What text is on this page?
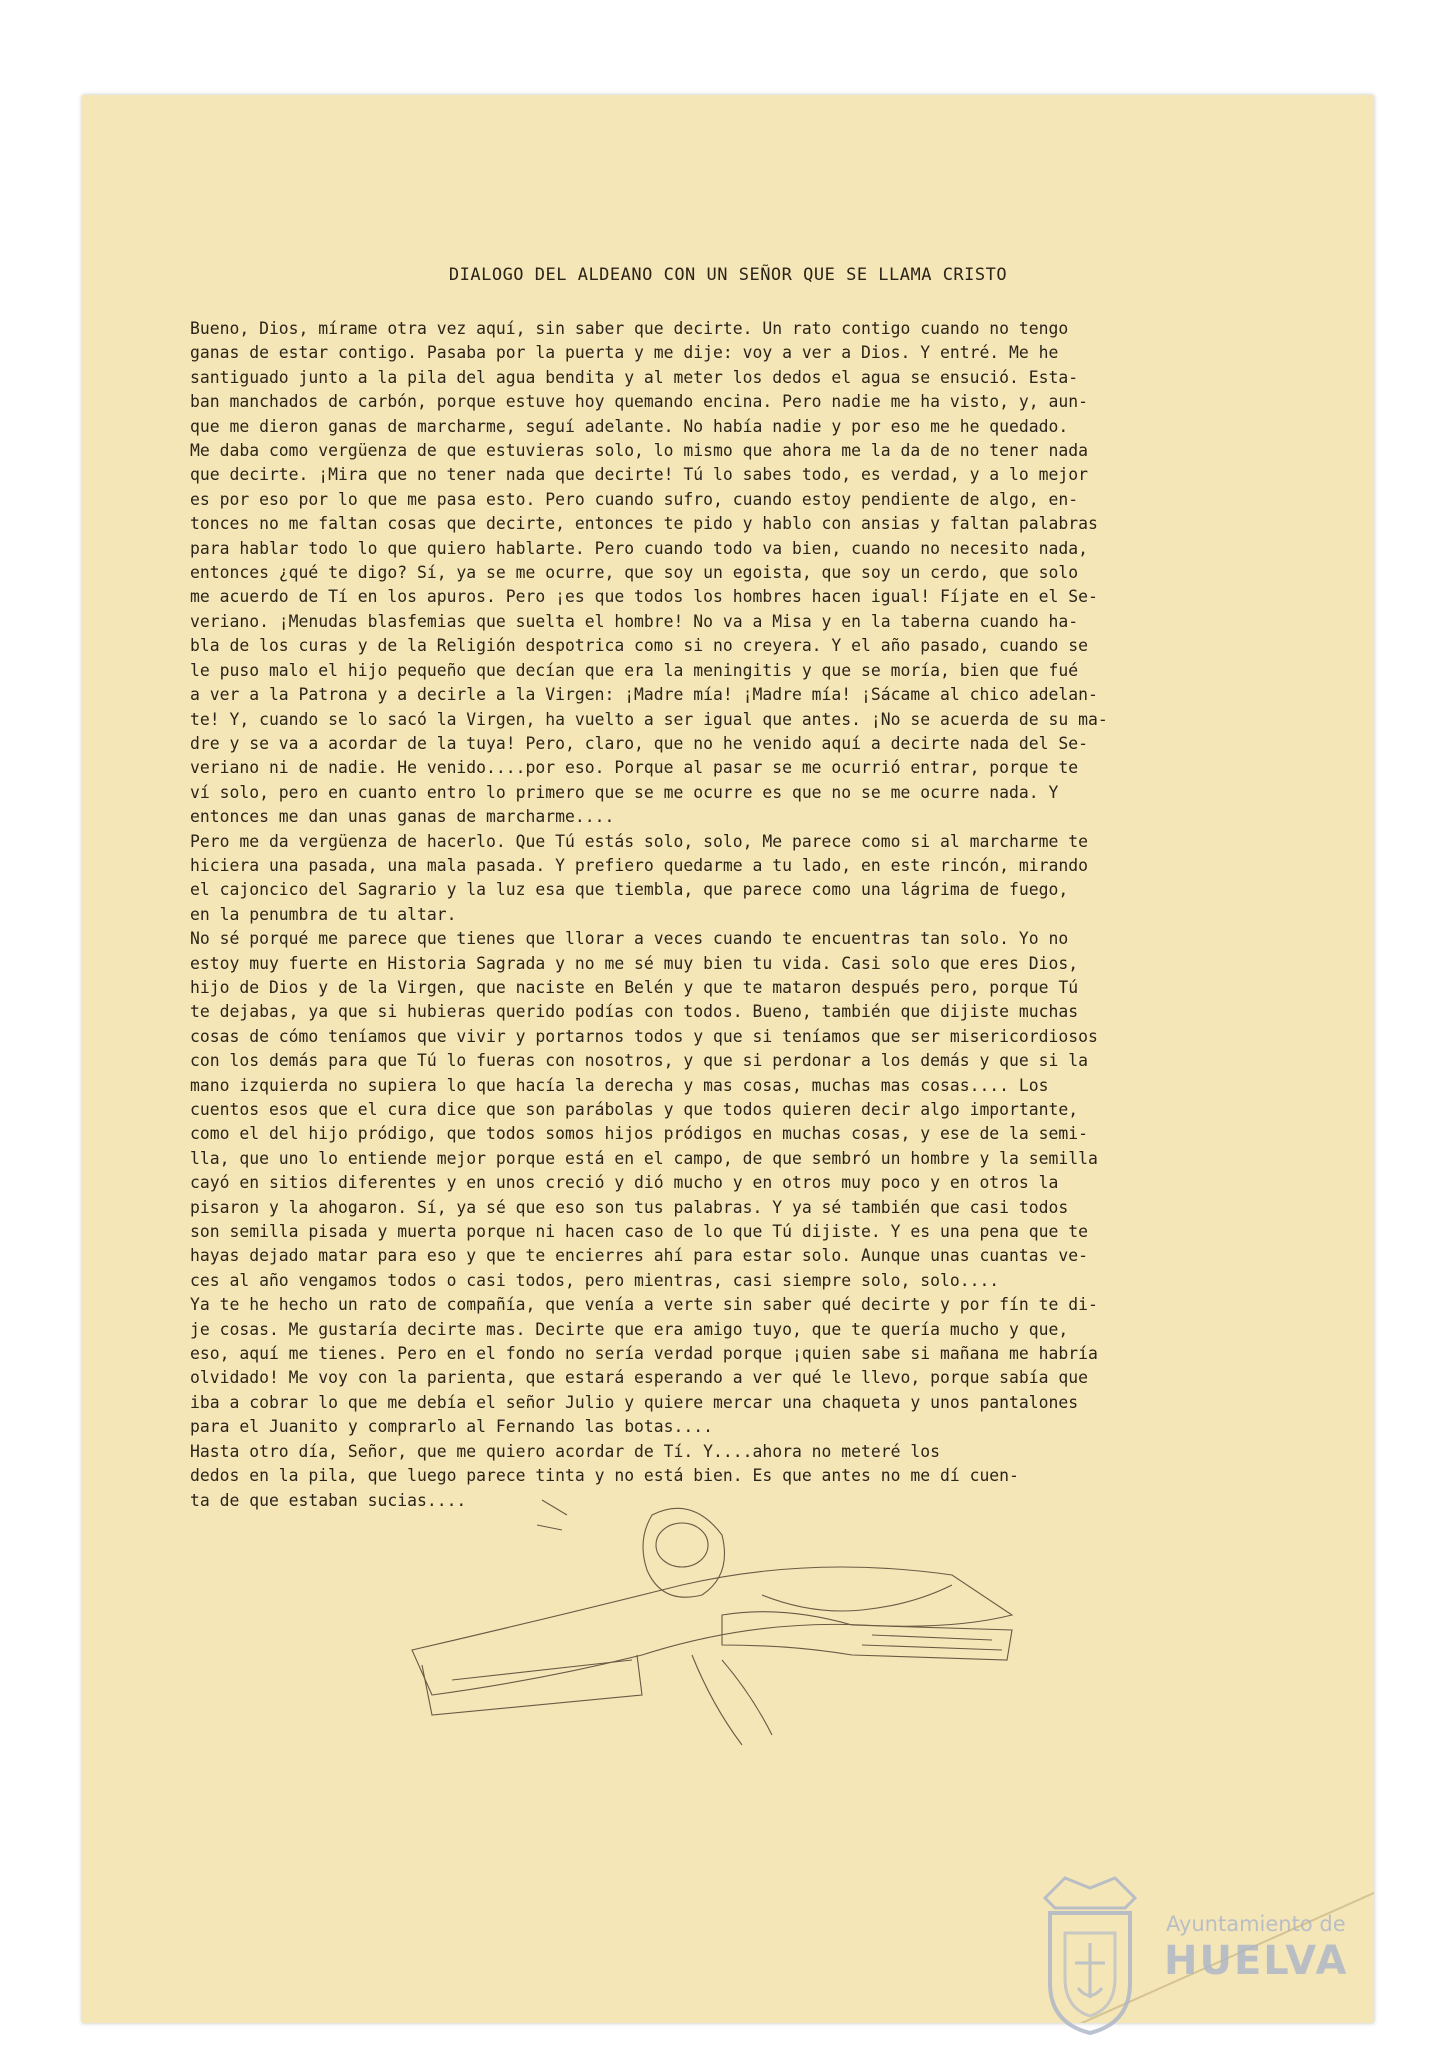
DIALOGO DEL ALDEANO CON UN SEÑOR QUE SE LLAMA CRISTO
Bueno, Dios, mírame otra vez aquí, sin saber que decirte. Un rato contigo cuando no tengo
ganas de estar contigo. Pasaba por la puerta y me dije: voy a ver a Dios. Y entré. Me he
santiguado junto a la pila del agua bendita y al meter los dedos el agua se ensució. Esta-
ban manchados de carbón, porque estuve hoy quemando encina. Pero nadie me ha visto, y, aun-
que me dieron ganas de marcharme, seguí adelante. No había nadie y por eso me he quedado.
Me daba como vergüenza de que estuvieras solo, lo mismo que ahora me la da de no tener nada
que decirte. ¡Mira que no tener nada que decirte! Tú lo sabes todo, es verdad, y a lo mejor
es por eso por lo que me pasa esto. Pero cuando sufro, cuando estoy pendiente de algo, en-
tonces no me faltan cosas que decirte, entonces te pido y hablo con ansias y faltan palabras
para hablar todo lo que quiero hablarte. Pero cuando todo va bien, cuando no necesito nada,
entonces ¿qué te digo? Sí, ya se me ocurre, que soy un egoista, que soy un cerdo, que solo
me acuerdo de Tí en los apuros. Pero ¡es que todos los hombres hacen igual! Fíjate en el Se-
veriano. ¡Menudas blasfemias que suelta el hombre! No va a Misa y en la taberna cuando ha-
bla de los curas y de la Religión despotrica como si no creyera. Y el año pasado, cuando se
le puso malo el hijo pequeño que decían que era la meningitis y que se moría, bien que fué
a ver a la Patrona y a decirle a la Virgen: ¡Madre mía! ¡Madre mía! ¡Sácame al chico adelan-
te! Y, cuando se lo sacó la Virgen, ha vuelto a ser igual que antes. ¡No se acuerda de su ma-
dre y se va a acordar de la tuya! Pero, claro, que no he venido aquí a decirte nada del Se-
veriano ni de nadie. He venido....por eso. Porque al pasar se me ocurrió entrar, porque te
ví solo, pero en cuanto entro lo primero que se me ocurre es que no se me ocurre nada. Y
entonces me dan unas ganas de marcharme....
Pero me da vergüenza de hacerlo. Que Tú estás solo, solo, Me parece como si al marcharme te
hiciera una pasada, una mala pasada. Y prefiero quedarme a tu lado, en este rincón, mirando
el cajoncico del Sagrario y la luz esa que tiembla, que parece como una lágrima de fuego,
en la penumbra de tu altar.
No sé porqué me parece que tienes que llorar a veces cuando te encuentras tan solo. Yo no
estoy muy fuerte en Historia Sagrada y no me sé muy bien tu vida. Casi solo que eres Dios,
hijo de Dios y de la Virgen, que naciste en Belén y que te mataron después pero, porque Tú
te dejabas, ya que si hubieras querido podías con todos. Bueno, también que dijiste muchas
cosas de cómo teníamos que vivir y portarnos todos y que si teníamos que ser misericordiosos
con los demás para que Tú lo fueras con nosotros, y que si perdonar a los demás y que si la
mano izquierda no supiera lo que hacía la derecha y mas cosas, muchas mas cosas.... Los
cuentos esos que el cura dice que son parábolas y que todos quieren decir algo importante,
como el del hijo pródigo, que todos somos hijos pródigos en muchas cosas, y ese de la semi-
lla, que uno lo entiende mejor porque está en el campo, de que sembró un hombre y la semilla
cayó en sitios diferentes y en unos creció y dió mucho y en otros muy poco y en otros la
pisaron y la ahogaron. Sí, ya sé que eso son tus palabras. Y ya sé también que casi todos
son semilla pisada y muerta porque ni hacen caso de lo que Tú dijiste. Y es una pena que te
hayas dejado matar para eso y que te encierres ahí para estar solo. Aunque unas cuantas ve-
ces al año vengamos todos o casi todos, pero mientras, casi siempre solo, solo....
Ya te he hecho un rato de compañía, que venía a verte sin saber qué decirte y por fín te di-
je cosas. Me gustaría decirte mas. Decirte que era amigo tuyo, que te quería mucho y que,
eso, aquí me tienes. Pero en el fondo no sería verdad porque ¡quien sabe si mañana me habría
olvidado! Me voy con la parienta, que estará esperando a ver qué le llevo, porque sabía que
iba a cobrar lo que me debía el señor Julio y quiere mercar una chaqueta y unos pantalones
para el Juanito y comprarlo al Fernando las botas....
Hasta otro día, Señor, que me quiero acordar de Tí. Y....ahora no meteré los
dedos en la pila, que luego parece tinta y no está bien. Es que antes no me dí cuen-
ta de que estaban sucias....

Ayuntamiento de

HUELVA
